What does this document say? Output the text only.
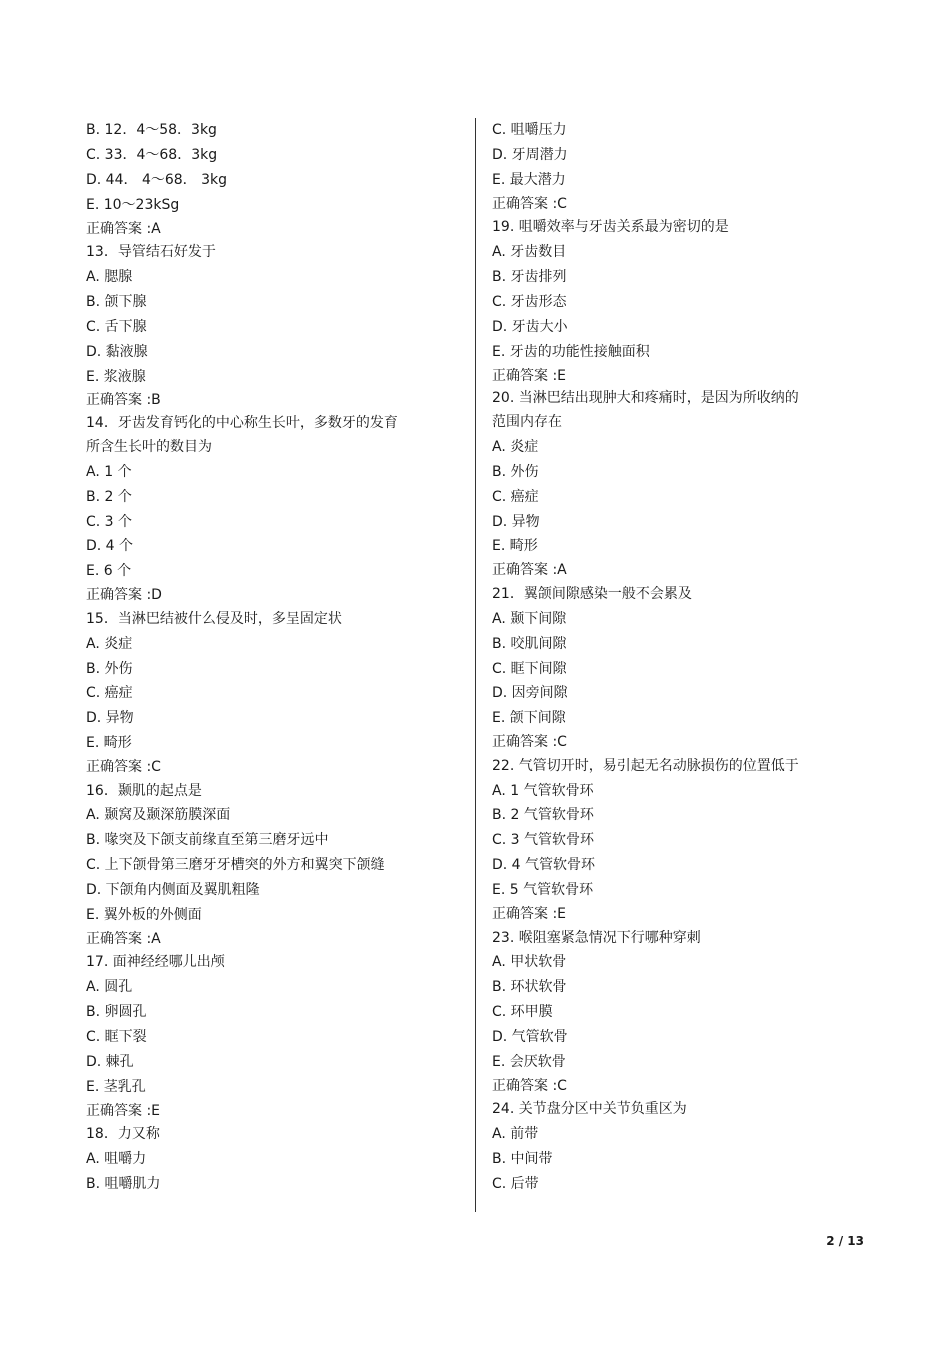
B. 12．4～58．3kg
C. 33．4～68．3kg
D. 44． 4～68． 3kg
E. 10～23kSg
正确答案 :A
13．导管结石好发于
A. 腮腺
B. 颌下腺
C. 舌下腺
D. 黏液腺
E. 浆液腺
正确答案 :B
14．牙齿发育钙化的中心称生长叶，多数牙的发育
所含生长叶的数目为
A. 1 个
B. 2 个
C. 3 个
D. 4 个
E. 6 个
正确答案 :D
15．当淋巴结被什么侵及时，多呈固定状
A. 炎症
B. 外伤
C. 癌症
D. 异物
E. 畸形
正确答案 :C
16．颞肌的起点是
A. 颞窝及颞深筋膜深面
B. 喙突及下颌支前缘直至第三磨牙远中
C. 上下颌骨第三磨牙牙槽突的外方和翼突下颌缝
D. 下颌角内侧面及翼肌粗隆
E. 翼外板的外侧面
正确答案 :A
17. 面神经经哪儿出颅
A. 圆孔
B. 卵圆孔
C. 眶下裂
D. 棘孔
E. 茎乳孔
正确答案 :E
18．力又称
A. 咀嚼力
B. 咀嚼肌力
C. 咀嚼压力
D. 牙周潜力
E. 最大潜力
正确答案 :C
19. 咀嚼效率与牙齿关系最为密切的是
A. 牙齿数目
B. 牙齿排列
C. 牙齿形态
D. 牙齿大小
E. 牙齿的功能性接触面积
正确答案 :E
20. 当淋巴结出现肿大和疼痛时，是因为所收纳的
范围内存在
A. 炎症
B. 外伤
C. 癌症
D. 异物
E. 畸形
正确答案 :A
21．翼颌间隙感染一般不会累及
A. 颞下间隙
B. 咬肌间隙
C. 眶下间隙
D. 因旁间隙
E. 颌下间隙
正确答案 :C
22. 气管切开时，易引起无名动脉损伤的位置低于
A. 1 气管软骨环
B. 2 气管软骨环
C. 3 气管软骨环
D. 4 气管软骨环
E. 5 气管软骨环
正确答案 :E
23. 喉阻塞紧急情况下行哪种穿刺
A. 甲状软骨
B. 环状软骨
C. 环甲膜
D. 气管软骨
E. 会厌软骨
正确答案 :C
24. 关节盘分区中关节负重区为
A. 前带
B. 中间带
C. 后带
2 / 13
